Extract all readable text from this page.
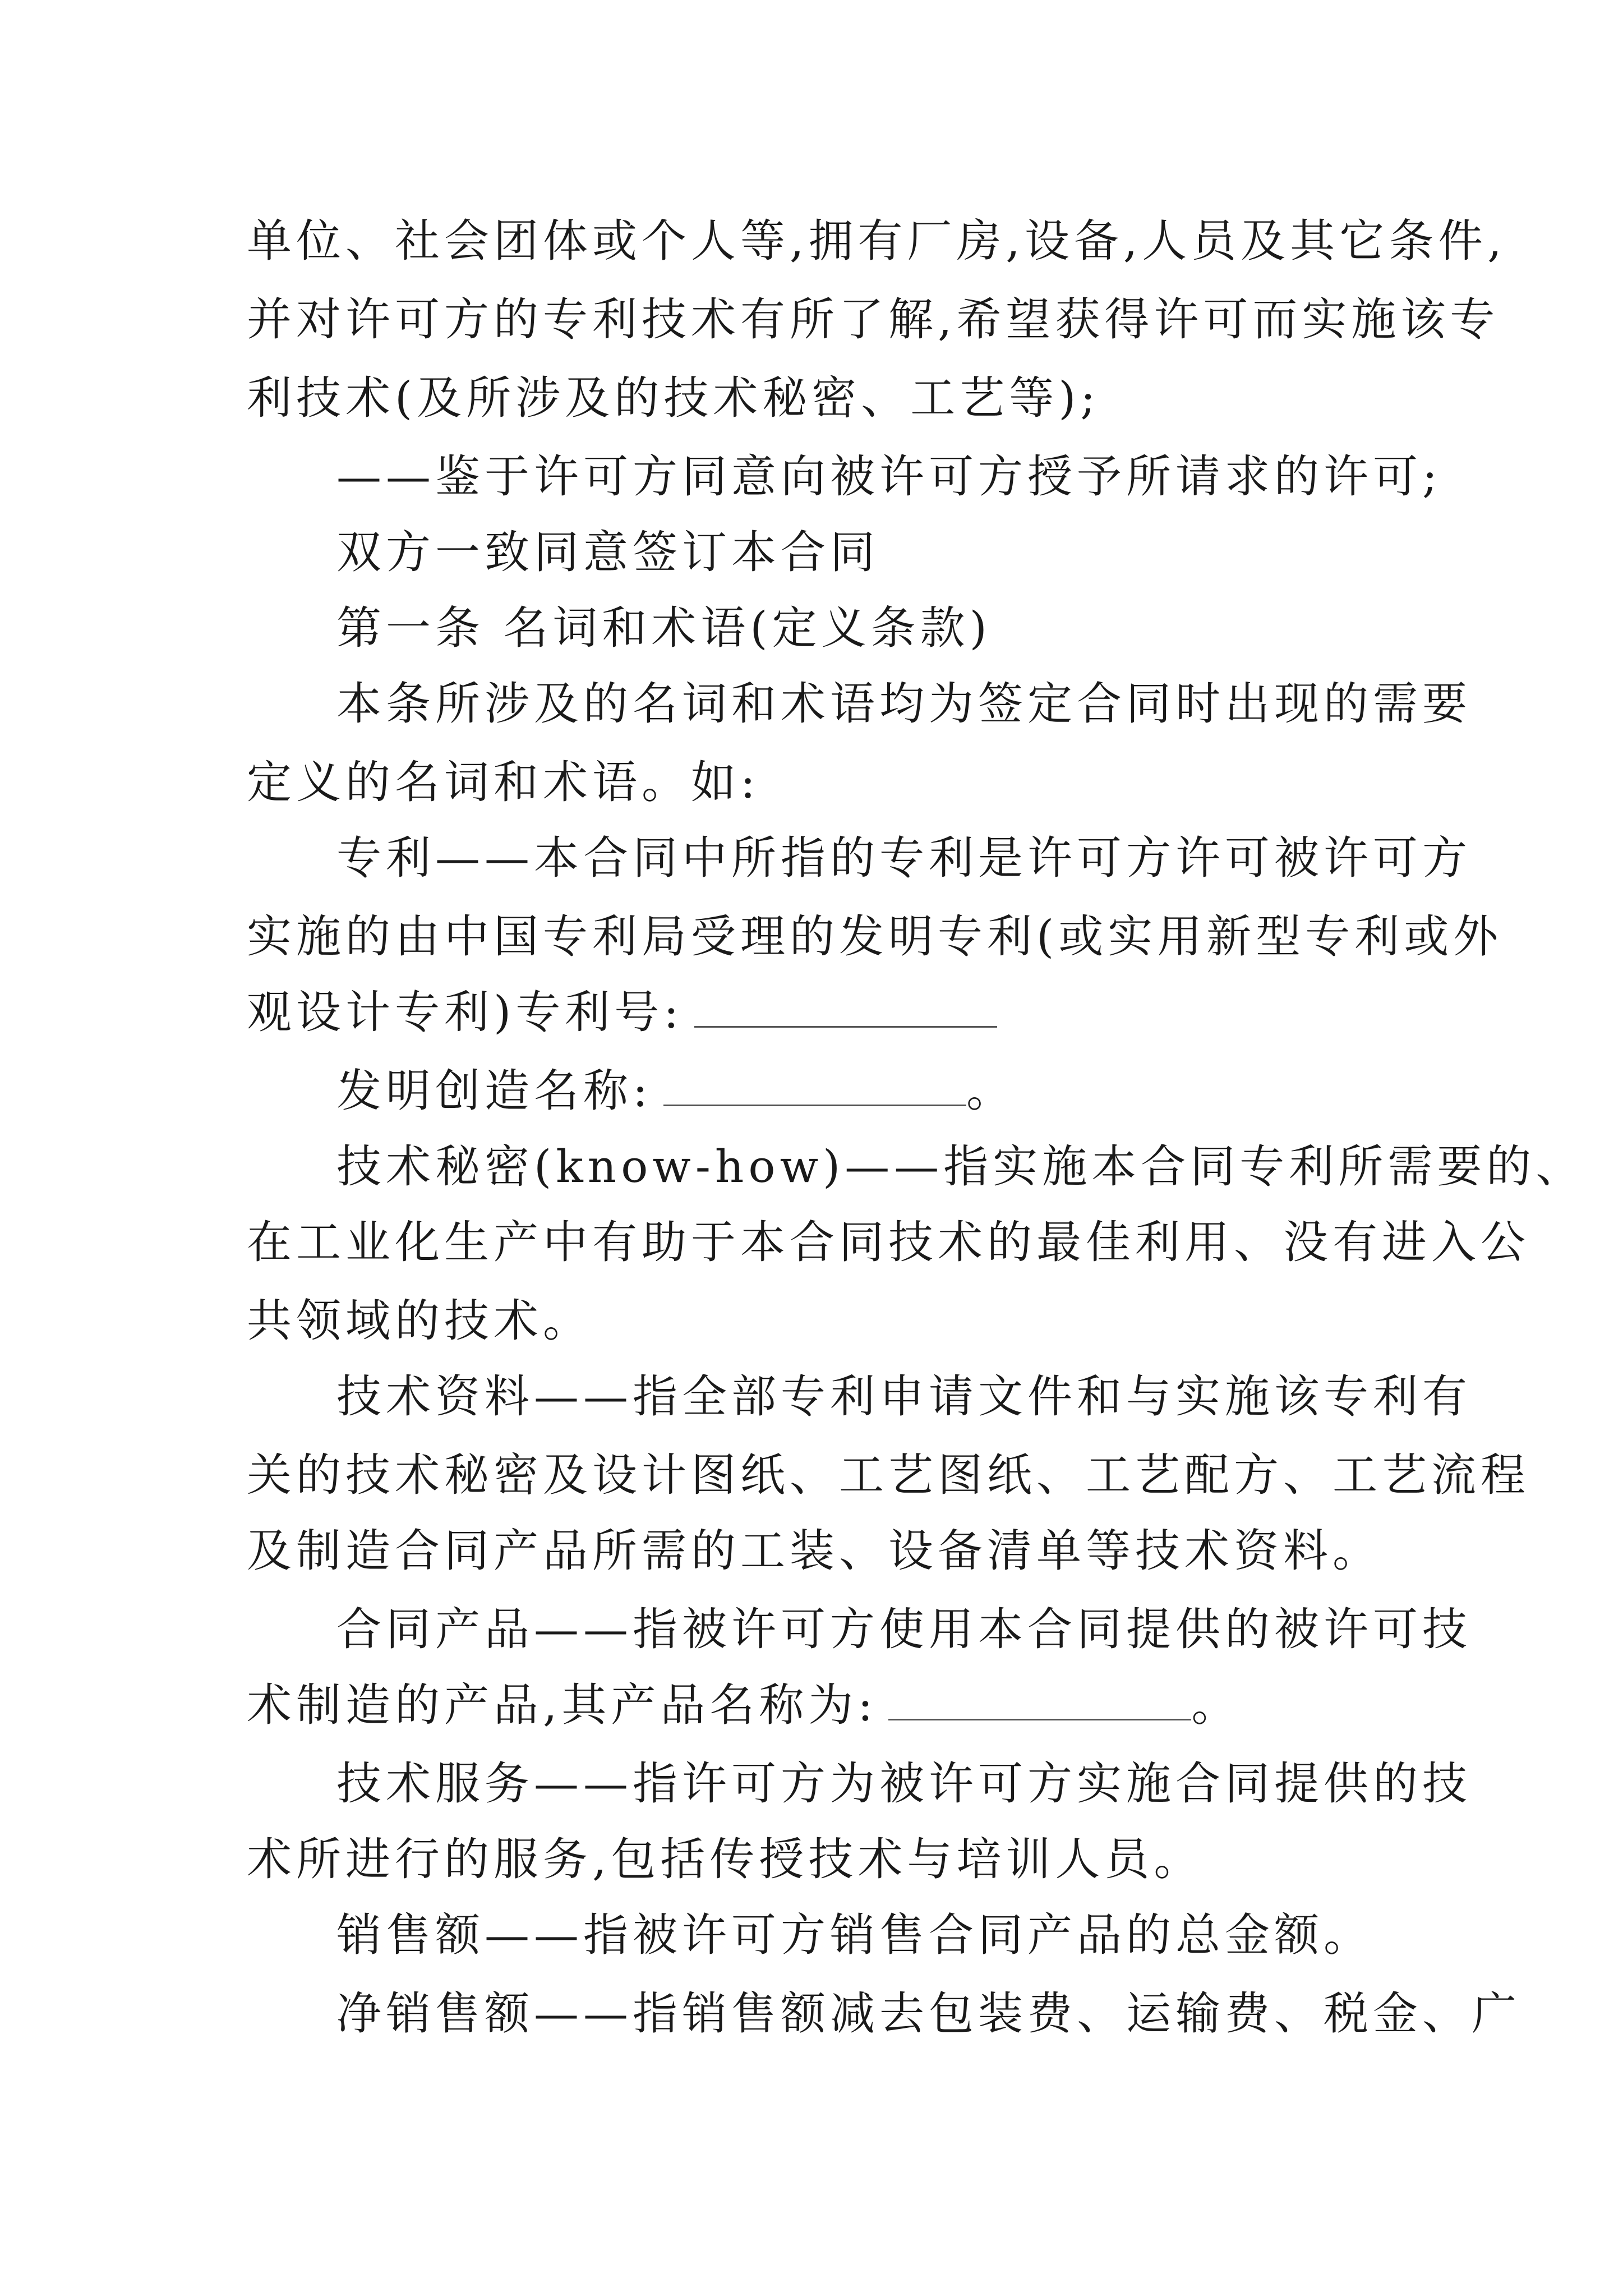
单位、社会团体或个人等,拥有厂房,设备,人员及其它条件,
并对许可方的专利技术有所了解,希望获得许可而实施该专
利技术(及所涉及的技术秘密、工艺等);
——鉴于许可方同意向被许可方授予所请求的许可;
双方一致同意签订本合同
第一条 名词和术语(定义条款)
本条所涉及的名词和术语均为签定合同时出现的需要
定义的名词和术语。如:
专利——本合同中所指的专利是许可方许可被许可方
实施的由中国专利局受理的发明专利(或实用新型专利或外
观设计专利)专利号:
发明创造名称:	。
技术秘密(know-how)——指实施本合同专利所需要的、
在工业化生产中有助于本合同技术的最佳利用、没有进入公
共领域的技术。
技术资料——指全部专利申请文件和与实施该专利有
关的技术秘密及设计图纸、工艺图纸、工艺配方、工艺流程
及制造合同产品所需的工装、设备清单等技术资料。
合同产品——指被许可方使用本合同提供的被许可技
术制造的产品,其产品名称为:	。
技术服务——指许可方为被许可方实施合同提供的技
术所进行的服务,包括传授技术与培训人员。
销售额——指被许可方销售合同产品的总金额。
净销售额——指销售额减去包装费、运输费、税金、广
